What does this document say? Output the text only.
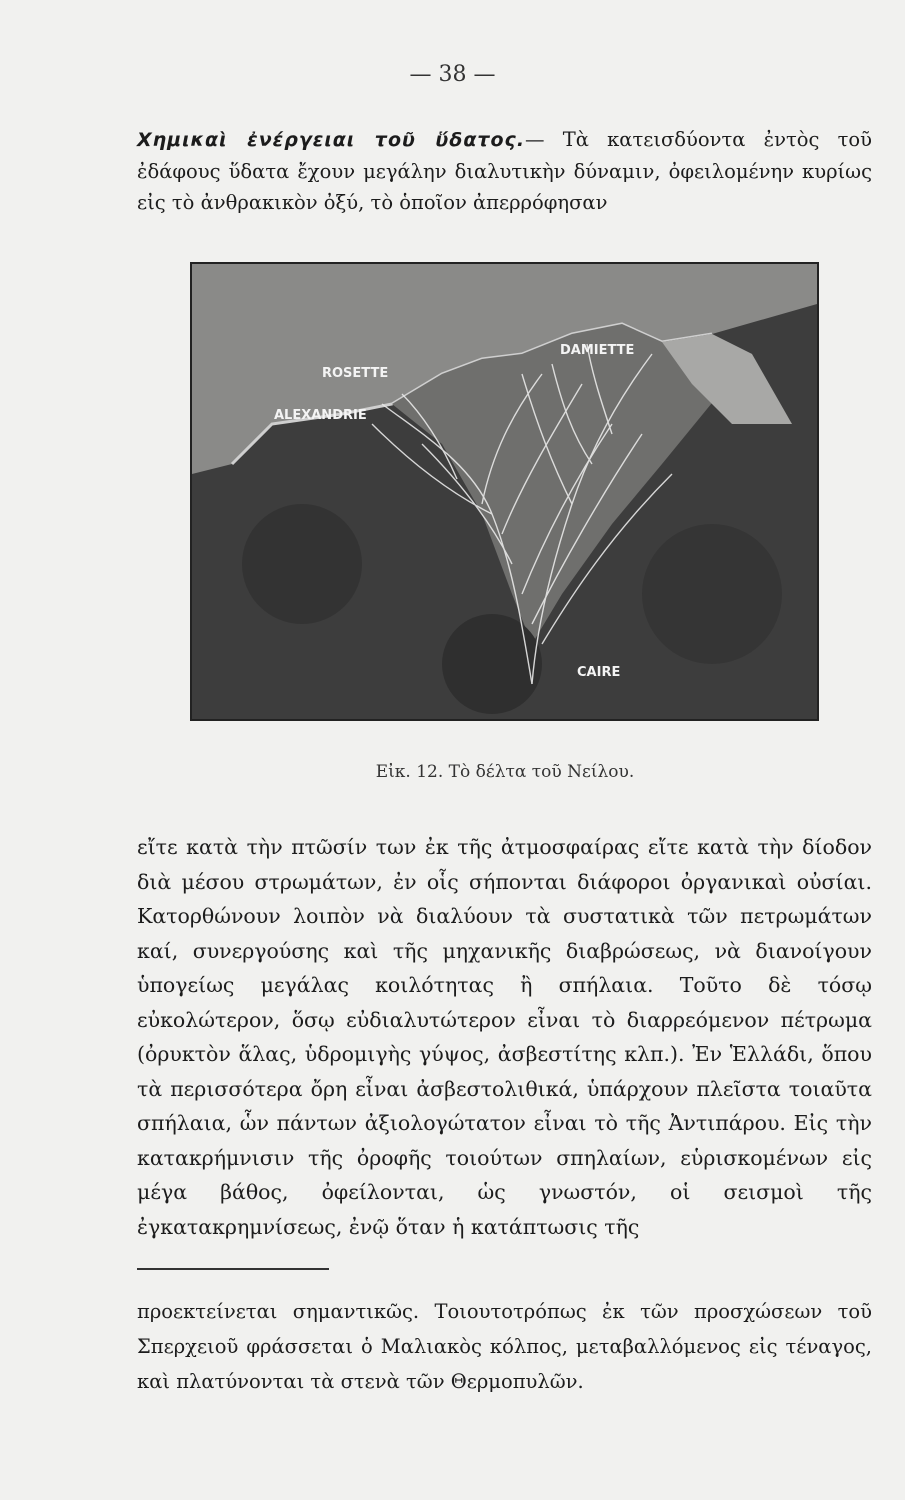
— 38 —
Χημικαὶ ἐνέργειαι τοῦ ὕδατος.— Τὰ κατεισδύοντα ἐντὸς τοῦ ἐδάφους ὕδατα ἔχουν μεγάλην διαλυτικὴν δύναμιν, ὀφειλομένην κυρίως εἰς τὸ ἀνθρακικὸν ὀξύ, τὸ ὁποῖον ἀπερρόφησαν
ROSETTE
ALEXANDRIE
DAMIETTE
CAIRE
Εἰκ. 12. Τὸ δέλτα τοῦ Νείλου.
εἴτε κατὰ τὴν πτῶσίν των ἐκ τῆς ἀτμοσφαίρας εἴτε κατὰ τὴν δίοδον διὰ μέσου στρωμάτων, ἐν οἷς σήπονται διάφοροι ὀργανικαὶ οὐσίαι. Κατορθώνουν λοιπὸν νὰ διαλύουν τὰ συστατικὰ τῶν πετρωμάτων καί, συνεργούσης καὶ τῆς μηχανικῆς διαβρώσεως, νὰ διανοίγουν ὑπογείως μεγάλας κοιλότητας ἢ σπήλαια. Τοῦτο δὲ τόσῳ εὐκολώτερον, ὅσῳ εὐδιαλυτώτερον εἶναι τὸ διαρρεόμενον πέτρωμα (ὀρυκτὸν ἅλας, ὑδρομιγὴς γύψος, ἀσβεστίτης κλπ.). Ἐν Ἑλλάδι, ὅπου τὰ περισσότερα ὄρη εἶναι ἀσβεστολιθικά, ὑπάρχουν πλεῖστα τοιαῦτα σπήλαια, ὧν πάντων ἀξιολογώτατον εἶναι τὸ τῆς Ἀντιπάρου. Εἰς τὴν κατακρήμνισιν τῆς ὀροφῆς τοιούτων σπηλαίων, εὑρισκομένων εἰς μέγα βάθος, ὀφείλονται, ὡς γνωστόν, οἱ σεισμοὶ τῆς ἐγκατακρημνίσεως, ἐνῷ ὅταν ἡ κατάπτωσις τῆς
προεκτείνεται σημαντικῶς. Τοιουτοτρόπως ἐκ τῶν προσχώσεων τοῦ Σπερχειοῦ φράσσεται ὁ Μαλιακὸς κόλπος, μεταβαλλόμενος εἰς τέναγος, καὶ πλατύνονται τὰ στενὰ τῶν Θερμοπυλῶν.
